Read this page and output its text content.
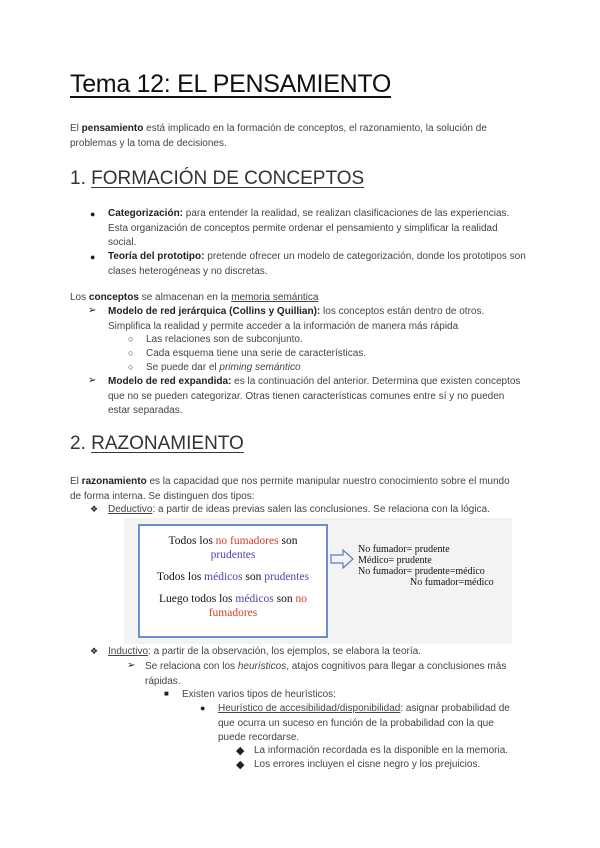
Tema 12: EL PENSAMIENTO
El pensamiento está implicado en la formación de conceptos, el razonamiento, la solución de problemas y la toma de decisiones.
1. FORMACIÓN DE CONCEPTOS
● Categorización: para entender la realidad, se realizan clasificaciones de las experiencias. Esta organización de conceptos permite ordenar el pensamiento y simplificar la realidad social.
● Teoría del prototipo: pretende ofrecer un modelo de categorización, donde los prototipos son clases heterogéneas y no discretas.
Los conceptos se almacenan en la memoria semántica
➢ Modelo de red jerárquica (Collins y Quillian): los conceptos están dentro de otros. Simplifica la realidad y permite acceder a la información de manera más rápida
○ Las relaciones son de subconjunto.
○ Cada esquema tiene una serie de características.
○ Se puede dar el priming semántico
➢ Modelo de red expandida: es la continuación del anterior. Determina que existen conceptos que no se pueden categorizar. Otras tienen características comunes entre sí y no pueden estar separadas.
2. RAZONAMIENTO
El razonamiento es la capacidad que nos permite manipular nuestro conocimiento sobre el mundo de forma interna. Se distinguen dos tipos:
❖ Deductivo: a partir de ideas previas salen las conclusiones. Se relaciona con la lógica.
Todos los no fumadores son
prudentes
Todos los médicos son prudentes
Luego todos los médicos son no
fumadores
No fumador= prudente
Médico= prudente
No fumador= prudente=médico
No fumador=médico
❖ Inductivo: a partir de la observación, los ejemplos, se elabora la teoría.
➢ Se relaciona con los heurísticos, atajos cognitivos para llegar a conclusiones más rápidas.
■ Existen varios tipos de heurísticos:
● Heurístico de accesibilidad/disponibilidad: asignar probabilidad de que ocurra un suceso en función de la probabilidad con la que puede recordarse.
◆ La información recordada es la disponible en la memoria.
◆ Los errores incluyen el cisne negro y los prejuicios.
